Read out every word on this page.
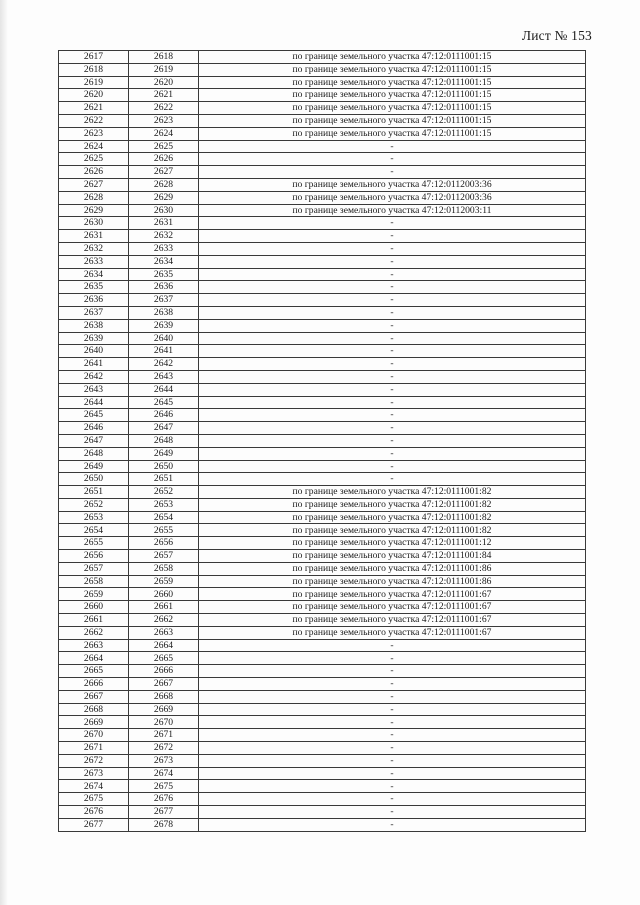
Лист № 153
2617	2618	по границе земельного участка 47:12:0111001:15
2618	2619	по границе земельного участка 47:12:0111001:15
2619	2620	по границе земельного участка 47:12:0111001:15
2620	2621	по границе земельного участка 47:12:0111001:15
2621	2622	по границе земельного участка 47:12:0111001:15
2622	2623	по границе земельного участка 47:12:0111001:15
2623	2624	по границе земельного участка 47:12:0111001:15
2624	2625	-
2625	2626	-
2626	2627	-
2627	2628	по границе земельного участка 47:12:0112003:36
2628	2629	по границе земельного участка 47:12:0112003:36
2629	2630	по границе земельного участка 47:12:0112003:11
2630	2631	-
2631	2632	-
2632	2633	-
2633	2634	-
2634	2635	-
2635	2636	-
2636	2637	-
2637	2638	-
2638	2639	-
2639	2640	-
2640	2641	-
2641	2642	-
2642	2643	-
2643	2644	-
2644	2645	-
2645	2646	-
2646	2647	-
2647	2648	-
2648	2649	-
2649	2650	-
2650	2651	-
2651	2652	по границе земельного участка 47:12:0111001:82
2652	2653	по границе земельного участка 47:12:0111001:82
2653	2654	по границе земельного участка 47:12:0111001:82
2654	2655	по границе земельного участка 47:12:0111001:82
2655	2656	по границе земельного участка 47:12:0111001:12
2656	2657	по границе земельного участка 47:12:0111001:84
2657	2658	по границе земельного участка 47:12:0111001:86
2658	2659	по границе земельного участка 47:12:0111001:86
2659	2660	по границе земельного участка 47:12:0111001:67
2660	2661	по границе земельного участка 47:12:0111001:67
2661	2662	по границе земельного участка 47:12:0111001:67
2662	2663	по границе земельного участка 47:12:0111001:67
2663	2664	-
2664	2665	-
2665	2666	-
2666	2667	-
2667	2668	-
2668	2669	-
2669	2670	-
2670	2671	-
2671	2672	-
2672	2673	-
2673	2674	-
2674	2675	-
2675	2676	-
2676	2677	-
2677	2678	-
